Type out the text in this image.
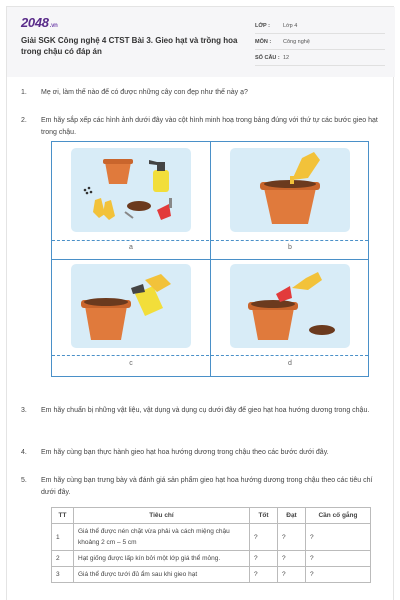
2048.vn
Giải SGK Công nghệ 4 CTST Bài 3. Gieo hạt và trồng hoa trong chậu có đáp án
LỚP :	Lớp 4
MÔN :	Công nghệ
SỐ CÂU : 12
1.	Mẹ ơi, làm thế nào để có được những cây con đẹp như thế này ạ?
2.	Em hãy sắp xếp các hình ảnh dưới đây vào cột hình minh hoạ trong bảng đúng với thứ tự các bước gieo hạt trong chậu.
a	b
c	d
3.	Em hãy chuẩn bị những vật liệu, vật dụng và dụng cụ dưới đây để gieo hạt hoa hướng dương trong chậu.
4.	Em hãy cùng bạn thực hành gieo hạt hoa hướng dương trong chậu theo các bước dưới đây.
5.	Em hãy cùng bạn trưng bày và đánh giá sản phẩm gieo hạt hoa hướng dương trong chậu theo các tiêu chí dưới đây.
TT	Tiêu chí	Tốt	Đạt	Cần cố gắng
1	Giá thể được nén chặt vừa phải và cách miệng chậu khoảng 2 cm – 5 cm	?	?	?
2	Hạt giống được lấp kín bởi một lớp giá thể mỏng.	?	?	?
3	Giá thể được tưới đủ ẩm sau khi gieo hạt	?	?	?
